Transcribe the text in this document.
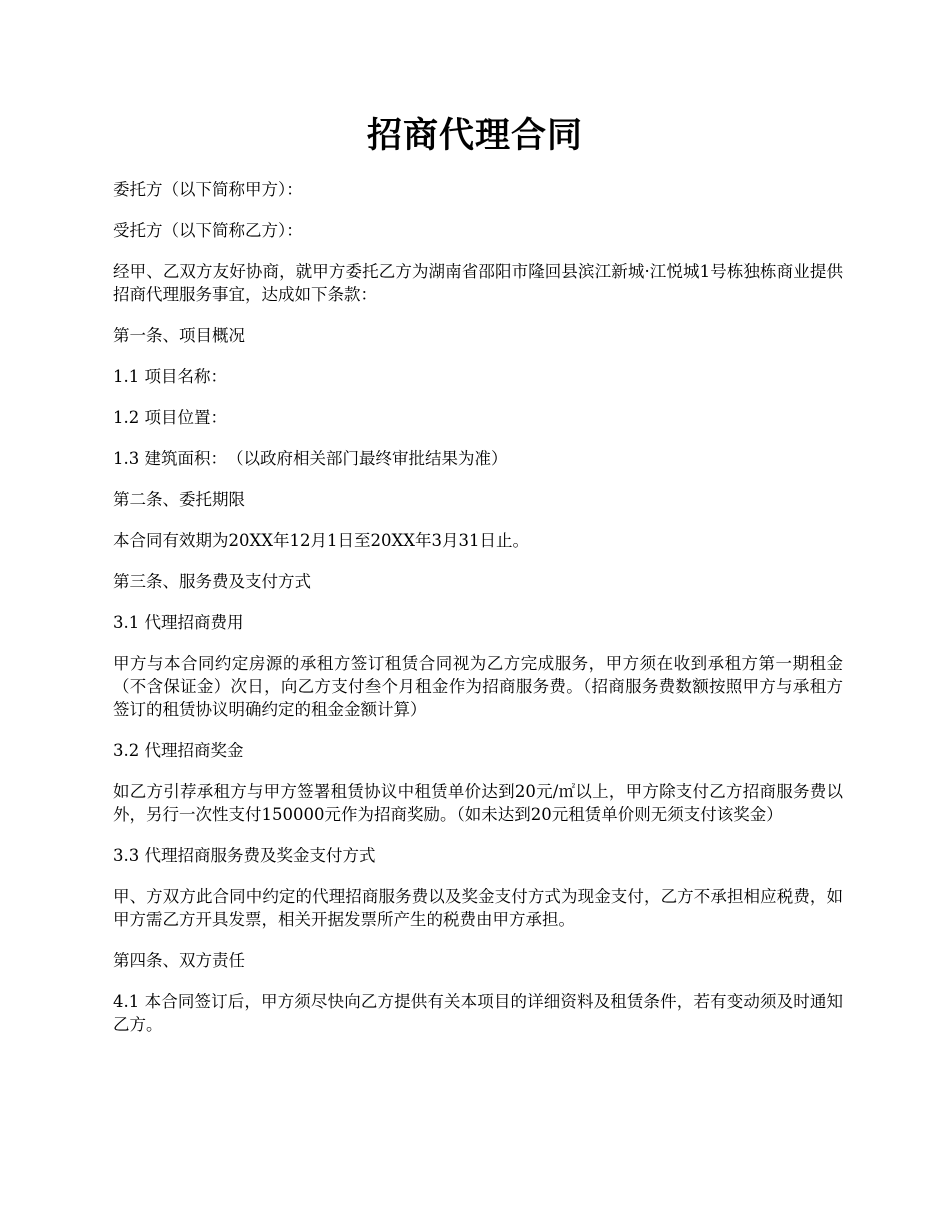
招商代理合同

委托方（以下简称甲方）：

受托方（以下简称乙方）：

经甲、乙双方友好协商，就甲方委托乙方为湖南省邵阳市隆回县滨江新城·江悦城1号栋独栋商业提供招商代理服务事宜，达成如下条款：

第一条、项目概况

1.1 项目名称：

1.2 项目位置：

1.3 建筑面积：　（以政府相关部门最终审批结果为准）

第二条、委托期限

本合同有效期为20XX年12月1日至20XX年3月31日止。

第三条、服务费及支付方式

3.1 代理招商费用

甲方与本合同约定房源的承租方签订租赁合同视为乙方完成服务，甲方须在收到承租方第一期租金（不含保证金）次日，向乙方支付叁个月租金作为招商服务费。（招商服务费数额按照甲方与承租方签订的租赁协议明确约定的租金金额计算）

3.2 代理招商奖金

如乙方引荐承租方与甲方签署租赁协议中租赁单价达到20元/㎡以上，甲方除支付乙方招商服务费以外，另行一次性支付150000元作为招商奖励。（如未达到20元租赁单价则无须支付该奖金）

3.3 代理招商服务费及奖金支付方式

甲、方双方此合同中约定的代理招商服务费以及奖金支付方式为现金支付，乙方不承担相应税费，如甲方需乙方开具发票，相关开据发票所产生的税费由甲方承担。

第四条、双方责任

4.1 本合同签订后，甲方须尽快向乙方提供有关本项目的详细资料及租赁条件，若有变动须及时通知乙方。
